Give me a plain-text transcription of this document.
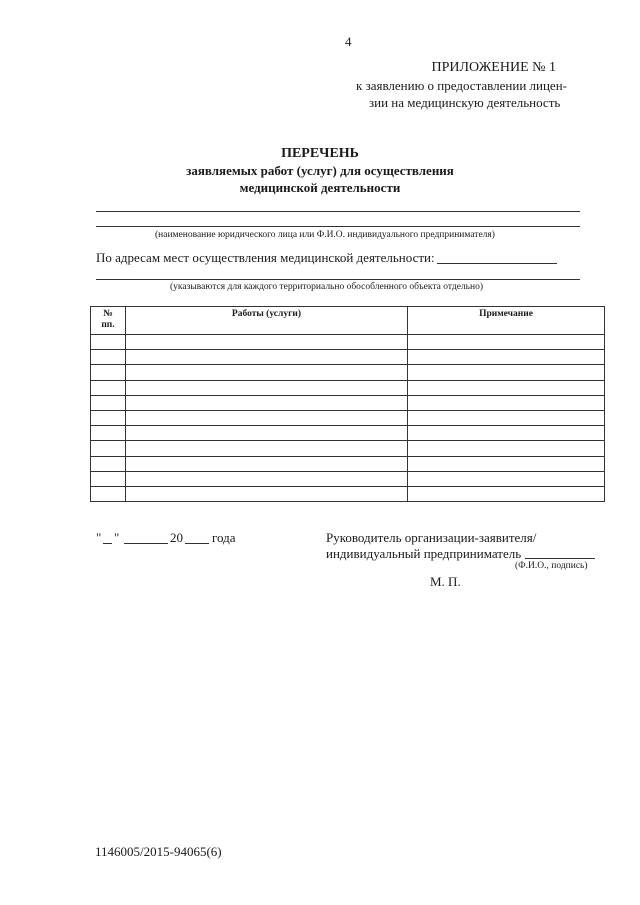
4
ПРИЛОЖЕНИЕ № 1
к заявлению о предоставлении лицен-
зии на медицинскую деятельность
ПЕРЕЧЕНЬ
заявляемых работ (услуг) для осуществления
медицинской деятельности
(наименование юридического лица или Ф.И.О. индивидуального предпринимателя)
По адресам мест осуществления медицинской деятельности:
(указываются для каждого территориально обособленного объекта отдельно)
№
пп.	Работы (услуги)	Примечание

" "	20 года	Руководитель организации-заявителя/
индивидуальный предприниматель
(Ф.И.О., подпись)
М. П.
1146005/2015-94065(6)
